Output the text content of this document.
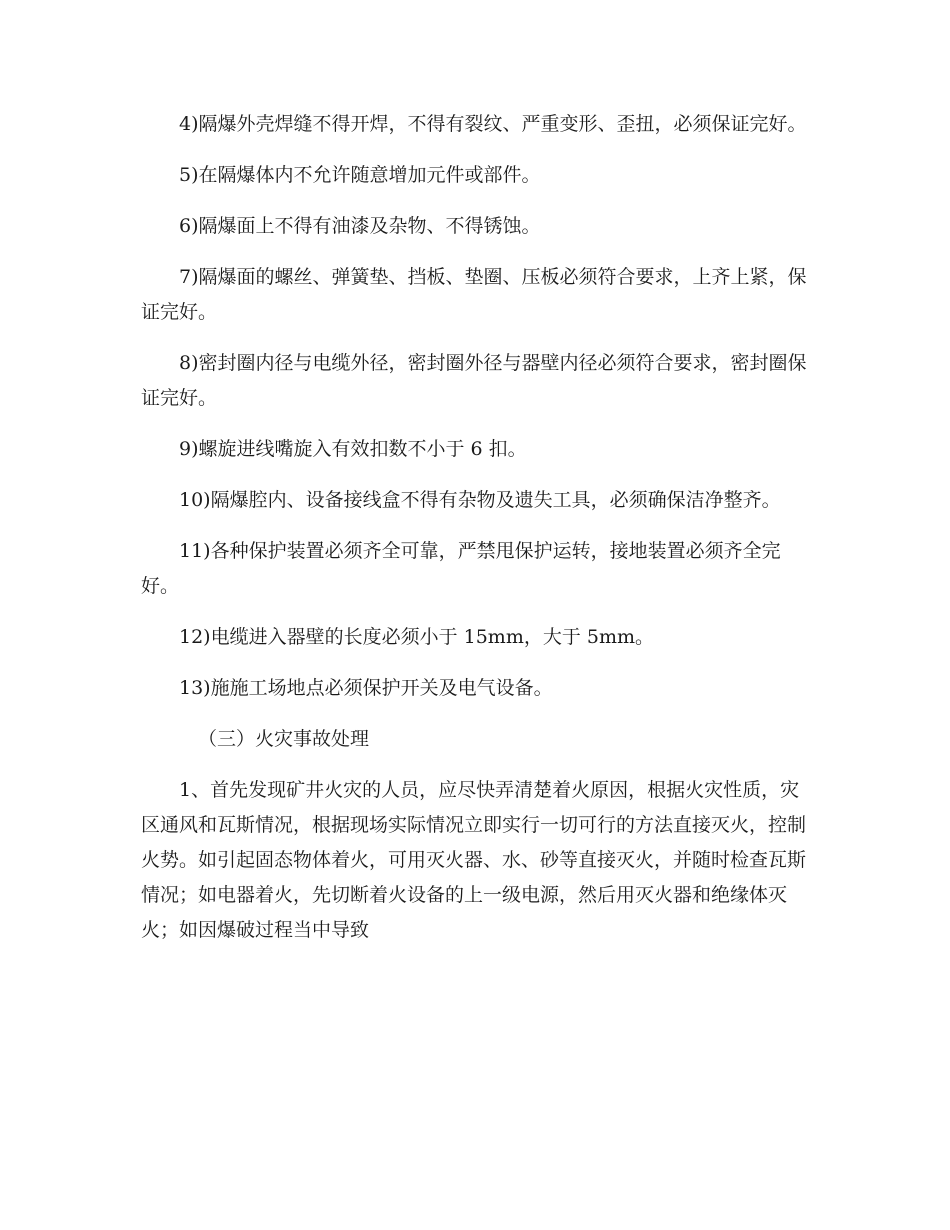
4)隔爆外壳焊缝不得开焊，不得有裂纹、严重变形、歪扭，必须保证完好。

5)在隔爆体内不允许随意增加元件或部件。

6)隔爆面上不得有油漆及杂物、不得锈蚀。

7)隔爆面的螺丝、弹簧垫、挡板、垫圈、压板必须符合要求，上齐上紧，保证完好。

8)密封圈内径与电缆外径，密封圈外径与器壁内径必须符合要求，密封圈保证完好。

9)螺旋进线嘴旋入有效扣数不小于 6 扣。

10)隔爆腔内、设备接线盒不得有杂物及遗失工具，必须确保洁净整齐。

11)各种保护装置必须齐全可靠，严禁甩保护运转，接地装置必须齐全完好。

12)电缆进入器壁的长度必须小于 15mm，大于 5mm。

13)施施工场地点必须保护开关及电气设备。

（三）火灾事故处理

1、首先发现矿井火灾的人员，应尽快弄清楚着火原因，根据火灾性质，灾区通风和瓦斯情况，根据现场实际情况立即实行一切可行的方法直接灭火，控制火势。如引起固态物体着火，可用灭火器、水、砂等直接灭火，并随时检查瓦斯情况；如电器着火，先切断着火设备的上一级电源，然后用灭火器和绝缘体灭火；如因爆破过程当中导致
